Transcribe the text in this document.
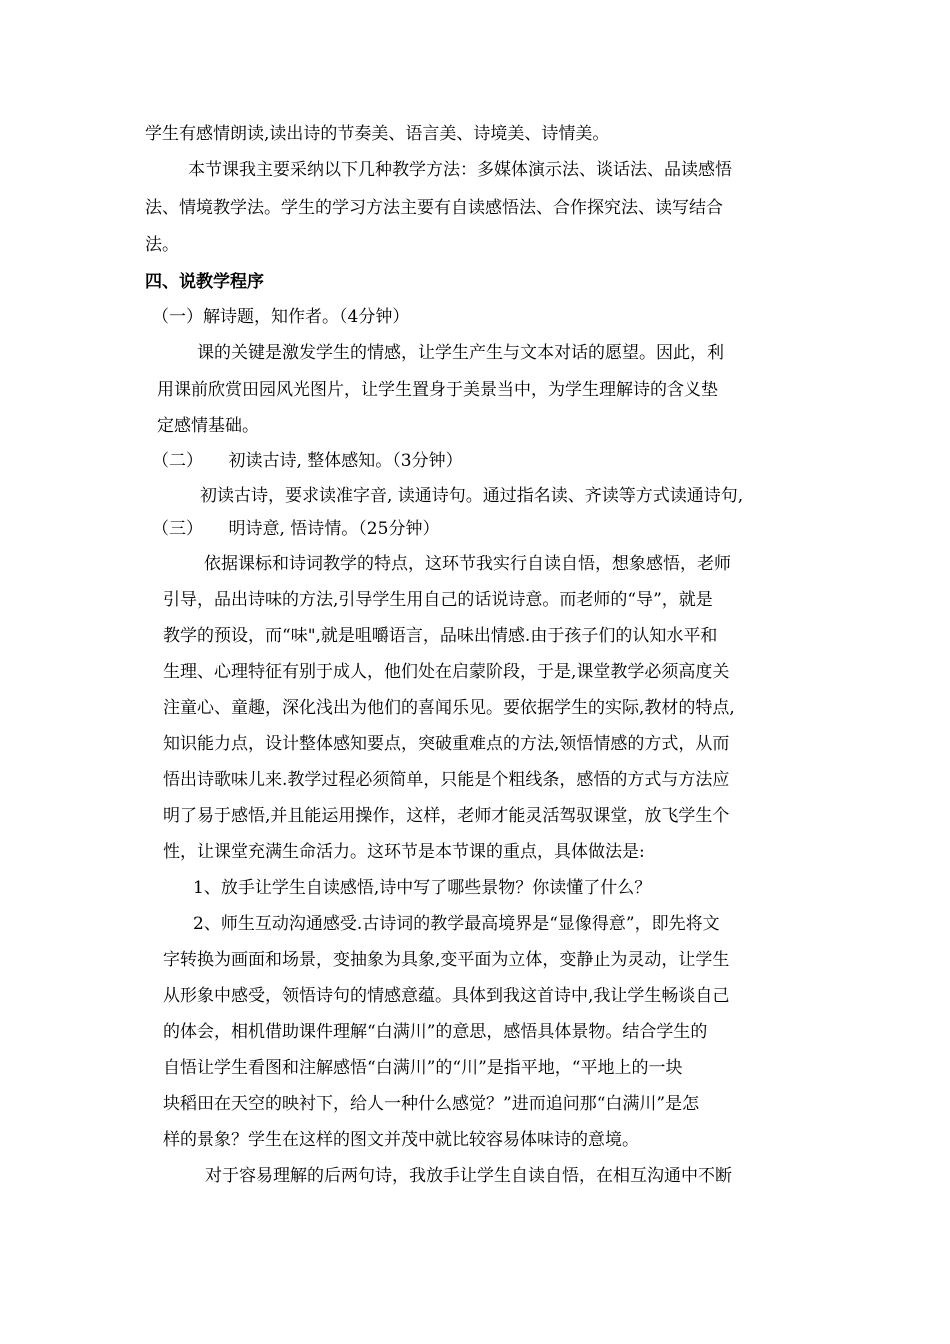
学生有感情朗读,读出诗的节奏美、语言美、诗境美、诗情美。
本节课我主要采纳以下几种教学方法：多媒体演示法、谈话法、品读感悟
法、情境教学法。学生的学习方法主要有自读感悟法、合作探究法、读写结合
法。
四、说教学程序
（一）解诗题，知作者。（4分钟）
课的关键是激发学生的情感，让学生产生与文本对话的愿望。因此，利
用课前欣赏田园风光图片，让学生置身于美景当中，为学生理解诗的含义垫
定感情基础。
（二）　　初读古诗, 整体感知。（3分钟）
初读古诗，要求读准字音, 读通诗句。通过指名读、齐读等方式读通诗句,
（三）　　明诗意, 悟诗情。（25分钟）
依据课标和诗词教学的特点，这环节我实行自读自悟，想象感悟，老师
引导，品出诗味的方法,引导学生用自己的话说诗意。而老师的“导”，就是
教学的预设，而“味",就是咀嚼语言，品味出情感.由于孩子们的认知水平和
生理、心理特征有别于成人，他们处在启蒙阶段，于是,课堂教学必须高度关
注童心、童趣，深化浅出为他们的喜闻乐见。要依据学生的实际,教材的特点,
知识能力点，设计整体感知要点，突破重难点的方法,领悟情感的方式，从而
悟出诗歌味儿来.教学过程必须简单，只能是个粗线条，感悟的方式与方法应
明了易于感悟,并且能运用操作，这样，老师才能灵活驾驭课堂，放飞学生个
性，让课堂充满生命活力。这环节是本节课的重点，具体做法是:
1、放手让学生自读感悟,诗中写了哪些景物？你读懂了什么？
2、师生互动沟通感受.古诗词的教学最高境界是“显像得意”，即先将文
字转换为画面和场景，变抽象为具象,变平面为立体，变静止为灵动，让学生
从形象中感受，领悟诗句的情感意蕴。具体到我这首诗中,我让学生畅谈自己
的体会，相机借助课件理解“白满川”的意思，感悟具体景物。结合学生的
自悟让学生看图和注解感悟“白满川”的“川”是指平地，“平地上的一块
块稻田在天空的映衬下，给人一种什么感觉？”进而追问那“白满川”是怎
样的景象？学生在这样的图文并茂中就比较容易体味诗的意境。
对于容易理解的后两句诗，我放手让学生自读自悟，在相互沟通中不断
